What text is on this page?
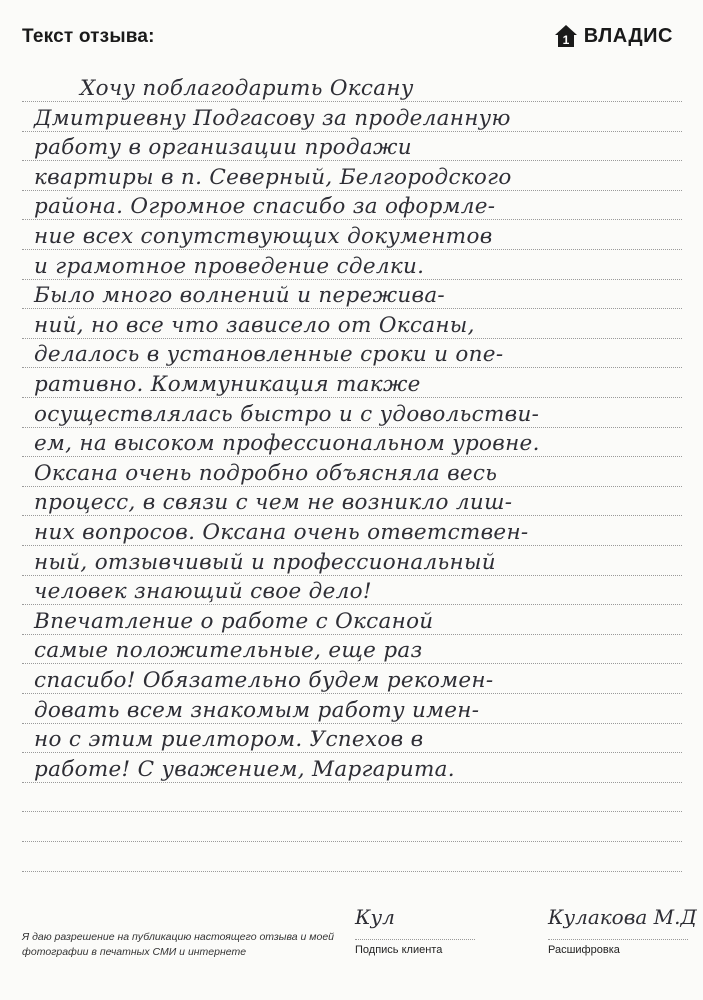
Текст отзыва:	1 ВЛАДИС
Хочу поблагодарить Оксану
Дмитриевну Подгасову за проделанную
работу в организации продажи
квартиры в п. Северный, Белгородского
района. Огромное спасибо за оформле-
ние всех сопутствующих документов
и грамотное проведение сделки.
Было много волнений и пережива-
ний, но все что зависело от Оксаны,
делалось в установленные сроки и опе-
ративно. Коммуникация также
осуществлялась быстро и с удовольстви-
ем, на высоком профессиональном уровне.
Оксана очень подробно объясняла весь
процесс, в связи с чем не возникло лиш-
них вопросов. Оксана очень ответствен-
ный, отзывчивый и профессиональный
человек знающий свое дело!
Впечатление о работе с Оксаной
самые положительные, еще раз
спасибо! Обязательно будем рекомен-
довать всем знакомым работу имен-
но с этим риелтором. Успехов в
работе! С уважением, Маргарита.
Я даю разрешение на публикацию настоящего отзыва и моей фотографии в печатных СМИ и интернете
Кул
Подпись клиента
Кулакова М.Д
Расшифровка
